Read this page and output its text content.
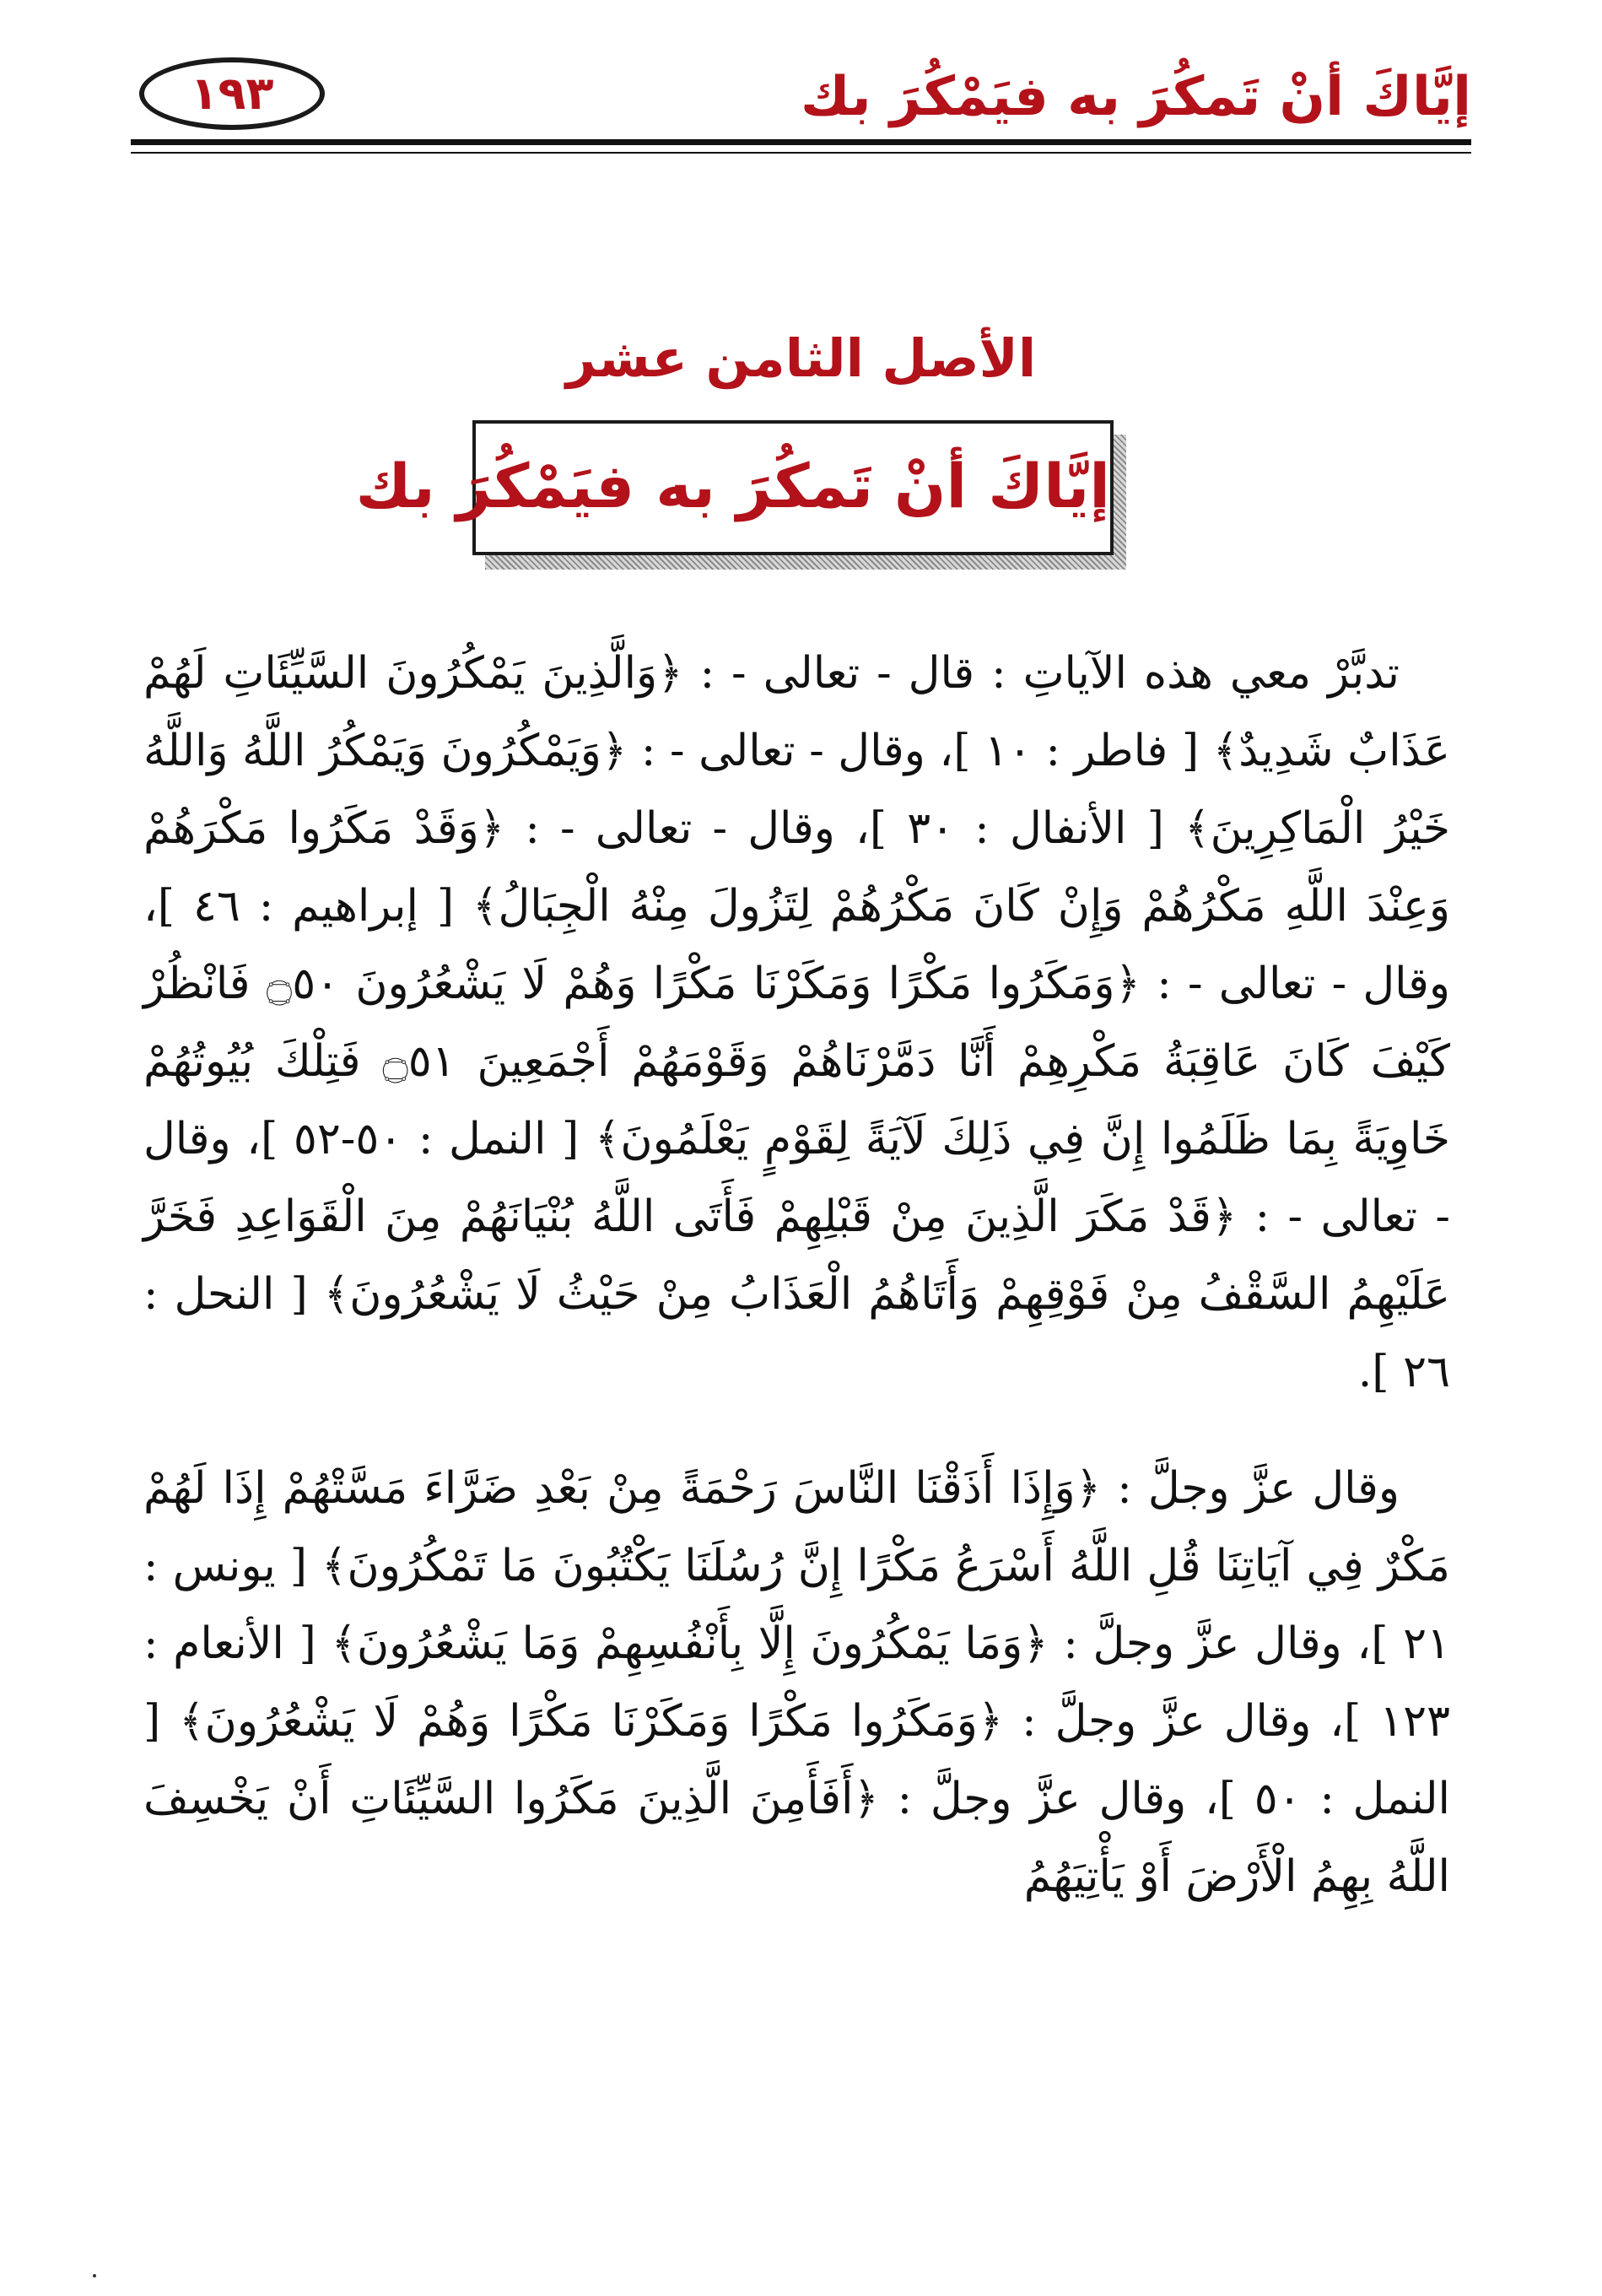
إيَّاكَ أنْ تَمكُرَ به فيَمْكُرَ بك
١٩٣
الأصل الثامن عشر
إيَّاكَ أنْ تَمكُرَ به فيَمْكُرَ بك

تدبَّرْ معي هذه الآياتِ : قال - تعالى - : ﴿وَالَّذِينَ يَمْكُرُونَ السَّيِّئَاتِ لَهُمْ عَذَابٌ شَدِيدٌ﴾ [ فاطر : ١٠ ]، وقال - تعالى - : ﴿وَيَمْكُرُونَ وَيَمْكُرُ اللَّهُ وَاللَّهُ خَيْرُ الْمَاكِرِينَ﴾ [ الأنفال : ٣٠ ]، وقال - تعالى - : ﴿وَقَدْ مَكَرُوا مَكْرَهُمْ وَعِنْدَ اللَّهِ مَكْرُهُمْ وَإِنْ كَانَ مَكْرُهُمْ لِتَزُولَ مِنْهُ الْجِبَالُ﴾ [ إبراهيم : ٤٦ ]، وقال - تعالى - : ﴿وَمَكَرُوا مَكْرًا وَمَكَرْنَا مَكْرًا وَهُمْ لَا يَشْعُرُونَ ۝٥٠ فَانْظُرْ كَيْفَ كَانَ عَاقِبَةُ مَكْرِهِمْ أَنَّا دَمَّرْنَاهُمْ وَقَوْمَهُمْ أَجْمَعِينَ ۝٥١ فَتِلْكَ بُيُوتُهُمْ خَاوِيَةً بِمَا ظَلَمُوا إِنَّ فِي ذَلِكَ لَآيَةً لِقَوْمٍ يَعْلَمُونَ﴾ [ النمل : ٥٠-٥٢ ]، وقال - تعالى - : ﴿قَدْ مَكَرَ الَّذِينَ مِنْ قَبْلِهِمْ فَأَتَى اللَّهُ بُنْيَانَهُمْ مِنَ الْقَوَاعِدِ فَخَرَّ عَلَيْهِمُ السَّقْفُ مِنْ فَوْقِهِمْ وَأَتَاهُمُ الْعَذَابُ مِنْ حَيْثُ لَا يَشْعُرُونَ﴾ [ النحل : ٢٦ ].

وقال عزَّ وجلَّ : ﴿وَإِذَا أَذَقْنَا النَّاسَ رَحْمَةً مِنْ بَعْدِ ضَرَّاءَ مَسَّتْهُمْ إِذَا لَهُمْ مَكْرٌ فِي آيَاتِنَا قُلِ اللَّهُ أَسْرَعُ مَكْرًا إِنَّ رُسُلَنَا يَكْتُبُونَ مَا تَمْكُرُونَ﴾ [ يونس : ٢١ ]، وقال عزَّ وجلَّ : ﴿وَمَا يَمْكُرُونَ إِلَّا بِأَنْفُسِهِمْ وَمَا يَشْعُرُونَ﴾ [ الأنعام : ١٢٣ ]، وقال عزَّ وجلَّ : ﴿وَمَكَرُوا مَكْرًا وَمَكَرْنَا مَكْرًا وَهُمْ لَا يَشْعُرُونَ﴾ [ النمل : ٥٠ ]، وقال عزَّ وجلَّ : ﴿أَفَأَمِنَ الَّذِينَ مَكَرُوا السَّيِّئَاتِ أَنْ يَخْسِفَ اللَّهُ بِهِمُ الْأَرْضَ أَوْ يَأْتِيَهُمُ
